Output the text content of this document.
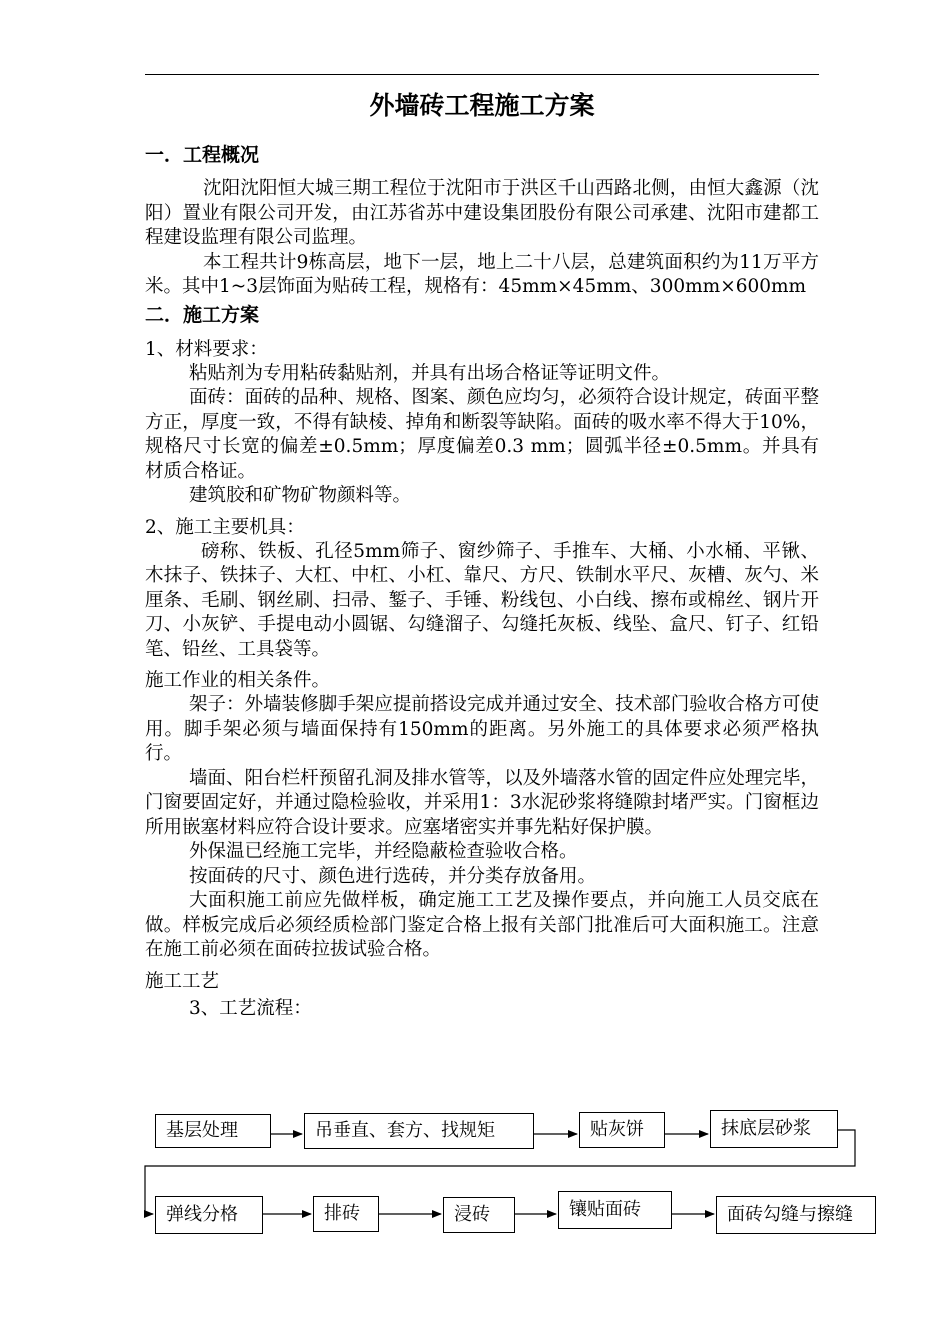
外墙砖工程施工方案

一．工程概况

沈阳沈阳恒大城三期工程位于沈阳市于洪区千山西路北侧，由恒大鑫源（沈阳）置业有限公司开发，由江苏省苏中建设集团股份有限公司承建、沈阳市建都工程建设监理有限公司监理。

本工程共计9栋高层，地下一层，地上二十八层，总建筑面积约为11万平方米。其中1~3层饰面为贴砖工程，规格有：45mm×45mm、300mm×600mm

二．施工方案

1、材料要求：

粘贴剂为专用粘砖黏贴剂，并具有出场合格证等证明文件。

面砖：面砖的品种、规格、图案、颜色应均匀，必须符合设计规定，砖面平整方正，厚度一致，不得有缺棱、掉角和断裂等缺陷。面砖的吸水率不得大于10%，规格尺寸长宽的偏差±0.5mm；厚度偏差0.3 mm；圆弧半径±0.5mm。并具有材质合格证。

建筑胶和矿物矿物颜料等。

2、施工主要机具：

磅称、铁板、孔径5mm筛子、窗纱筛子、手推车、大桶、小水桶、平锹、木抹子、铁抹子、大杠、中杠、小杠、靠尺、方尺、铁制水平尺、灰槽、灰勺、米厘条、毛刷、钢丝刷、扫帚、錾子、手锤、粉线包、小白线、擦布或棉丝、钢片开刀、小灰铲、手提电动小圆锯、勾缝溜子、勾缝托灰板、线坠、盒尺、钉子、红铅笔、铅丝、工具袋等。

施工作业的相关条件。

架子：外墙装修脚手架应提前搭设完成并通过安全、技术部门验收合格方可使用。脚手架必须与墙面保持有150mm的距离。另外施工的具体要求必须严格执行。

墙面、阳台栏杆预留孔洞及排水管等，以及外墙落水管的固定件应处理完毕，门窗要固定好，并通过隐检验收，并采用1：3水泥砂浆将缝隙封堵严实。门窗框边所用嵌塞材料应符合设计要求。应塞堵密实并事先粘好保护膜。

外保温已经施工完毕，并经隐蔽检查验收合格。

按面砖的尺寸、颜色进行选砖，并分类存放备用。

大面积施工前应先做样板，确定施工工艺及操作要点，并向施工人员交底在做。样板完成后必须经质检部门鉴定合格上报有关部门批准后可大面积施工。注意在施工前必须在面砖拉拔试验合格。

施工工艺

3、工艺流程：

基层处理	吊垂直、套方、找规矩	贴灰饼	抹底层砂浆
弹线分格	排砖	浸砖	镶贴面砖	面砖勾缝与擦缝
